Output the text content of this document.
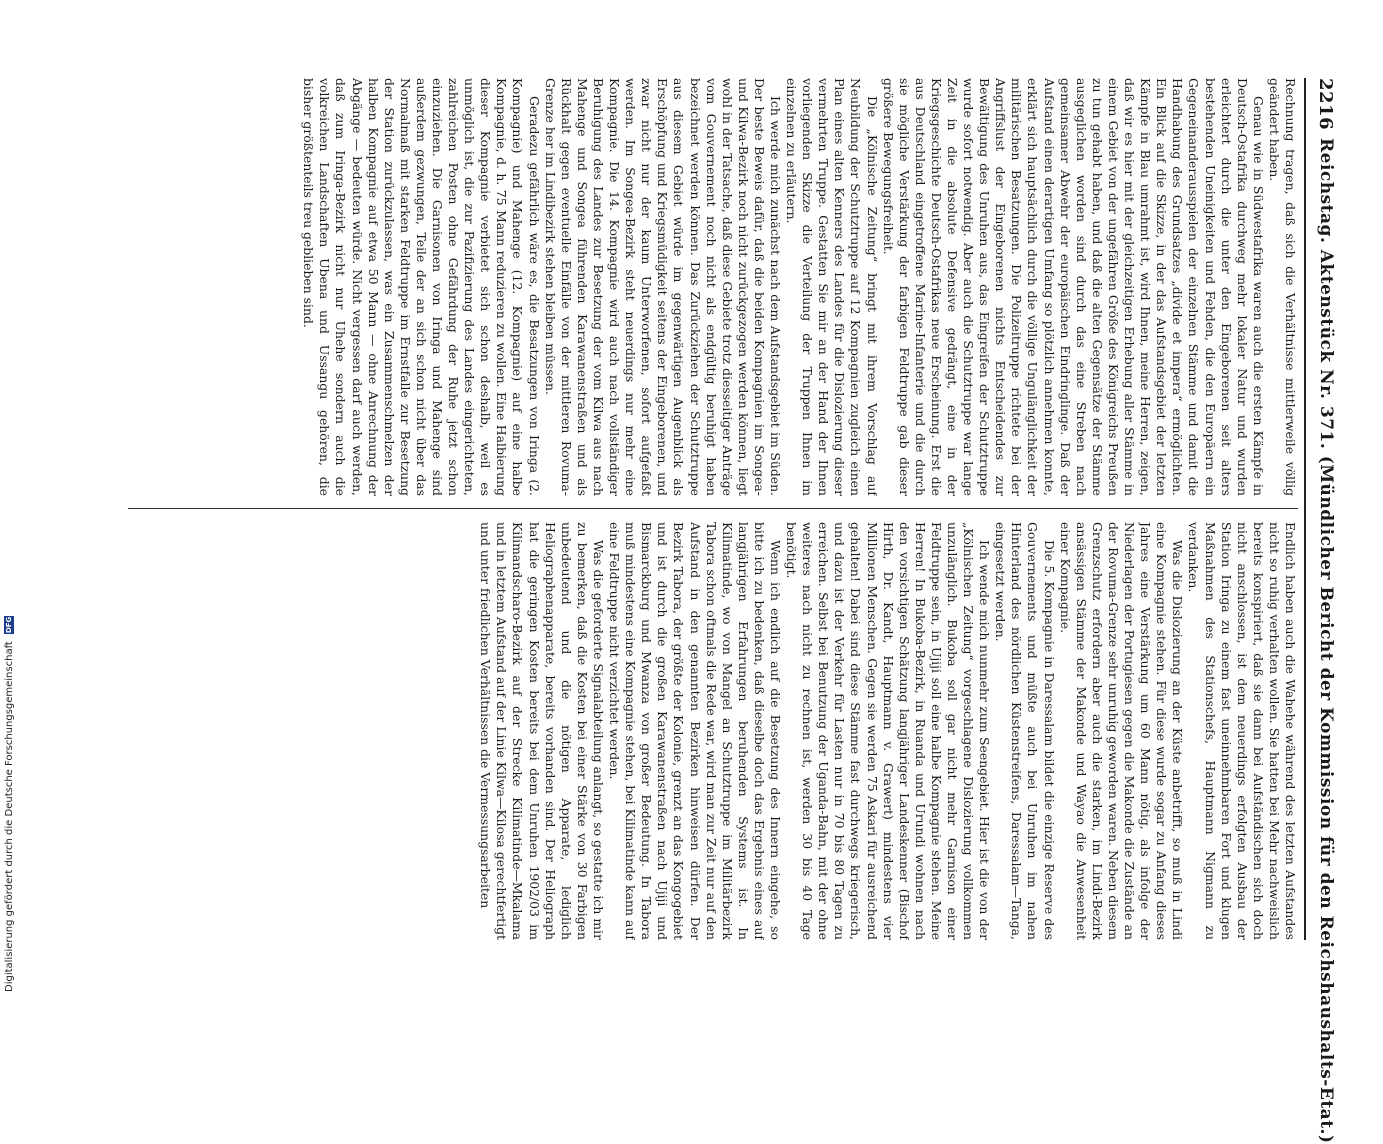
2216
Reichstag. Aktenstück Nr. 371. (Mündlicher Bericht der Kommission für den Reichshaushalts-Etat.)

Rechnung tragen, daß sich die Verhältnisse mittlerweile völlig geändert haben.

Genau wie in Südwestafrika waren auch die ersten Kämpfe in Deutsch-Ostafrika durchweg mehr lokaler Natur und wurden erleichtert durch die unter den Eingeborenen seit alters bestehenden Uneinigkeiten und Fehden, die den Europäern ein Gegeneinanderausspielen der einzelnen Stämme und damit die Handhabung des Grundsatzes „divide et impera“ ermöglichten. Ein Blick auf die Skizze, in der das Aufstandsgebiet der letzten Kämpfe in Blau umrahmt ist, wird Ihnen, meine Herren, zeigen, daß wir es hier mit der gleichzeitigen Erhebung aller Stämme in einem Gebiet von der ungefähren Größe des Königreichs Preußen zu tun gehabt haben, und daß die alten Gegensätze der Stämme ausgeglichen worden sind durch das eine Streben nach gemeinsamer Abwehr der europäischen Eindringlinge. Daß der Aufstand einen derartigen Umfang so plötzlich annehmen konnte, erklärt sich hauptsächlich durch die völlige Ungulänglichkeit der militärischen Besatzungen. Die Polizeitruppe richtete bei der Angriffslust der Eingeborenen nichts Entscheidendes zur Bewältigung des Unruhen aus, das Eingreifen der Schutztruppe wurde sofort notwendig. Aber auch die Schutztruppe war lange Zeit in die absolute Defensive gedrängt, eine in der Kriegsgeschichte Deutsch-Ostafrikas neue Erscheinung. Erst die aus Deutschland eingetroffene Marine-Infanterie und die durch sie mögliche Verstärkung der farbigen Feldtruppe gab dieser größere Bewegungsfreiheit.

Die „Kölnische Zeitung“ bringt mit ihrem Vorschlag auf Neubildung der Schutztruppe auf 12 Kompagnien zugleich einen Plan eines alten Kenners des Landes für die Dislozierung dieser vermehrten Truppe. Gestatten Sie mir an der Hand der Ihnen vorliegenden Skizze die Verteilung der Truppen Ihnen im einzelnen zu erläutern.

Ich werde mich zunächst nach dem Aufstandsgebiet im Süden. Der beste Beweis dafür, daß die beiden Kompagnien im Songea- und Kilwa-Bezirk noch nicht zurückgezogen werden können, liegt wohl in der Tatsache, daß diese Gebiete trotz diesseitiger Anträge vom Gouvernement noch nicht als endgültig beruhigt haben bezeichnet werden können. Das Zurückziehen der Schutztruppe aus diesem Gebiet würde im gegenwärtigen Augenblick als Erschöpfung und Kriegsmüdigkeit seitens der Eingeborenen, und zwar nicht nur der kaum Unterworfenen, sofort aufgefaßt werden. Im Songea-Bezirk steht neuerdings nur mehr eine Kompagnie. Die 14. Kompagnie wird auch nach vollständiger Beruhigung des Landes zur Besetzung der vom Kilwa aus nach Mahenge und Songea führenden Karawanenstraßen und als Rückhalt gegen eventuelle Einfälle von der mittleren Rovuma-Grenze her im Lindibezirk stehen bleiben müssen.

Geradezu gefährlich wäre es, die Besatzungen von Iringa (2. Kompagnie) und Mahenge (12. Kompagnie) auf eine halbe Kompagnie, d. h. 75 Mann reduzieren zu wollen. Eine Halbierung dieser Kompagnie verbietet sich schon deshalb, weil es unmöglich ist, die zur Pazifizierung des Landes eingerichteten, zahlreichen Posten ohne Gefährdung der Ruhe jetzt schon einzuziehen. Die Garnisonen von Iringa und Mahenge sind außerdem gezwungen, Teile der an sich schon nicht über das Normalmaß mit starken Feldtruppe im Ernstfalle zur Besetzung der Station zurückzulassen, was ein Zusammenschmelzen der halben Kompagnie auf etwa 50 Mann — ohne Anrechnung der Abgänge — bedeuten würde. Nicht vergessen darf auch werden, daß zum Iringa-Bezirk nicht nur Uhehe sondern auch die volkreichen Landschaften Ubena und Ussangu gehören, die bisher größtenteils treu geblieben sind.

Endlich haben auch die Wahehe während des letzten Aufstandes nicht so ruhig verhalten wollen. Sie hatten bei Mehr nachweislich bereits konspiriert, daß sie dann bei Aufständischen sich doch nicht anschlossen, ist dem neuerdings erfolgten Ausbau der Station Iringa zu einem fast uneinnehmbaren Fort und klugen Maßnahmen des Stationschefs, Hauptmann Nigmann zu verdanken.

Was die Dislozierung an der Küste anbetrifft, so muß in Lindi eine Kompagnie stehen. Für diese wurde sogar zu Anfang dieses Jahres eine Verstärkung um 60 Mann nötig, als infolge der Niederlagen der Portugiesen gegen die Makonde die Zustände an der Rovuma-Grenze sehr unruhig geworden waren. Neben diesem Grenzschutz erfordern aber auch die starken, im Lindi-Bezirk ansässigen Stämme der Makonde und Wayao die Anwesenheit einer Kompagnie.

Die 5. Kompagnie in Daressalam bildet die einzige Reserve des Gouvernements und müßte auch bei Unruhen im nahen Hinterland des nördlichen Küstenstreifens, Daressalam—Tanga, eingesetzt werden.

Ich wende mich nunmehr zum Seengebiet. Hier ist die von der „Kölnischen Zeitung“ vorgeschlagene Dislozierung vollkommen unzulänglich. Bukoba soll gar nicht mehr Garnison einer Feldtruppe sein, in Ujiji soll eine halbe Kompagnie stehen. Meine Herren! In Bukoba-Bezirk, in Ruanda und Urundi wohnen nach den vorsichtigen Schätzung langjähriger Landeskenner (Bischof Hirth, Dr. Kandt, Hauptmann v. Grawert) mindestens vier Millionen Menschen. Gegen sie werden 75 Askari für ausreichend gehalten! Dabei sind diese Stämme fast durchwegs kriegerisch, und dazu ist der Verkehr für Lasten nur in 70 bis 80 Tagen zu erreichen. Selbst bei Benutzung der Uganda-Bahn, mit der ohne weiteres nach nicht zu rechnen ist, werden 30 bis 40 Tage benötigt.

Wenn ich endlich auf die Besetzung des Innern eingehe, so bitte ich zu bedenken, daß dieselbe doch das Ergebnis eines auf langjährigen Erfahrungen beruhenden Systems ist. In Kilimatinde, wo von Mangel an Schutztruppe im Militärbezirk Tabora schon oftmals die Rede war, wird man zur Zeit nur auf den Aufstand in den genannten Bezirken hinweisen dürfen. Der Bezirk Tabora, der größte der Kolonie, grenzt an das Kongogebiet und ist durch die großen Karawanenstraßen nach Ujiji und Bismarckburg und Mwanza von großer Bedeutung. In Tabora muß mindestens eine Kompagnie stehen, bei Kilimatinde kann auf eine Feldtruppe nicht verzichtet werden.

Was die geforderte Signalabteilung anlangt, so gestatte ich mir zu bemerken, daß die Kosten bei einer Stärke von 30 Farbigen unbedeutend und die nötigen Apparate, lediglich Heliographenapparate, bereits vorhanden sind. Der Heliograph hat die geringen Kosten bereits bei dem Unruhen 1902/03 im Kilimandscharo-Bezirk auf der Strecke Kilimatinde—Mkalama und in letztem Aufstand auf der Linie Kilwa—Kilosa gerechtfertigt und unter friedlichen Verhältnissen die Vermessungsarbeiten

Digitalisierung gefördert durch die Deutsche Forschungsgemeinschaft DFG
